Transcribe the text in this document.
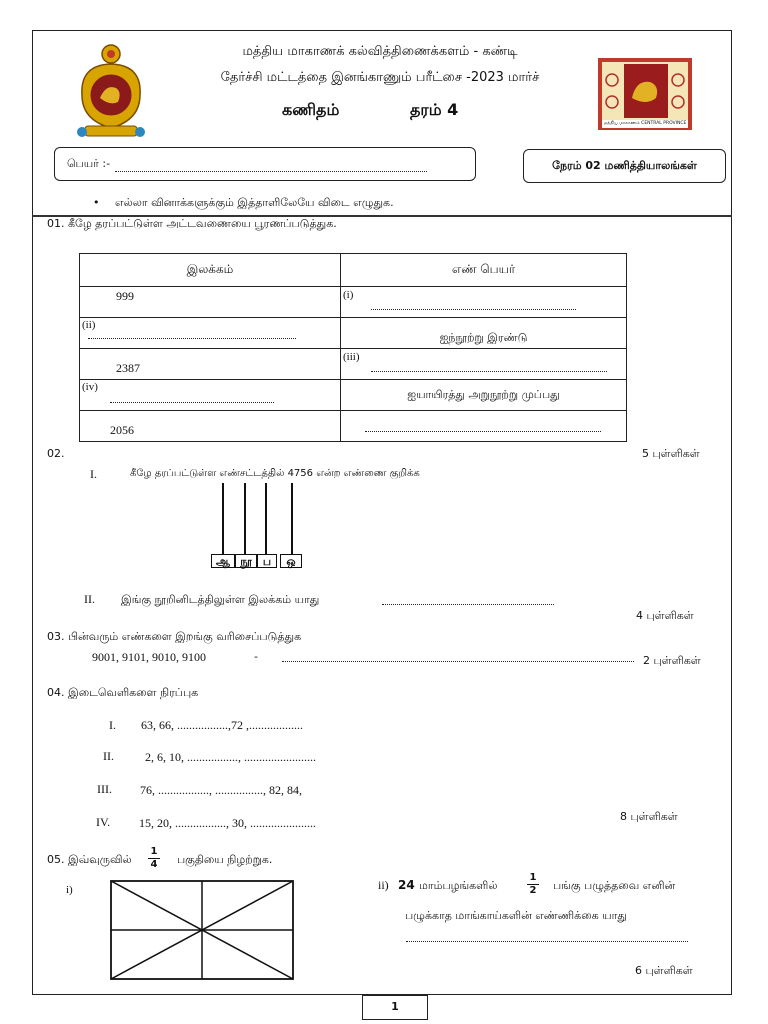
மத்திய மாகாணக் கல்வித்திணைக்களம் - கண்டி
தேர்ச்சி மட்டத்தை இனங்காணும் பரீட்சை -2023 மார்ச்
கணிதம்	தரம் 4
மத்திய மாகாணம் CENTRAL PROVINCE
பெயர் :-	நேரம் 02 மணித்தியாலங்கள்
• எல்லா வினாக்களுக்கும் இத்தாளிலேயே விடை எழுதுக.
01. கீழே தரப்பட்டுள்ள அட்டவணையை பூரணப்படுத்துக.
இலக்கம்	எண் பெயர்

999	(i)

(ii)	ஐந்நூற்று இரண்டு

2387	(iii)

(iv)	ஐயாயிரத்து அறுநூற்று முப்பது

2056	

02.	5 புள்ளிகள்
I.	கீழே தரப்பட்டுள்ள எண்சட்டத்தில் 4756 என்ற எண்ணை குறிக்க
ஆ நூ	ப	ஒ
II. இங்கு நூறினிடத்திலுள்ள இலக்கம் யாது
4 புள்ளிகள்
03. பின்வரும் எண்களை இறங்கு வரிசைப்படுத்துக
9001, 9101, 9010, 9100	-	2 புள்ளிகள்
04. இடைவெளிகளை நிரப்புக
I. 63, 66, .................,72 ,..................
II.	2, 6, 10, ................., ........................
III. 76, ................., ................, 82, 84,
IV. 15, 20, ................., 30, ......................	8 புள்ளிகள்
05. இவ்வுருவில் $\frac{1}{4}$ பகுதியை நிழற்றுக.
i)	ii) 24 மாம்பழங்களில்	$\frac{1}{2}$ பங்கு பழுத்தவை எனின்
பழுக்காத மாங்காய்களின் எண்ணிக்கை யாது
6 புள்ளிகள்
1
